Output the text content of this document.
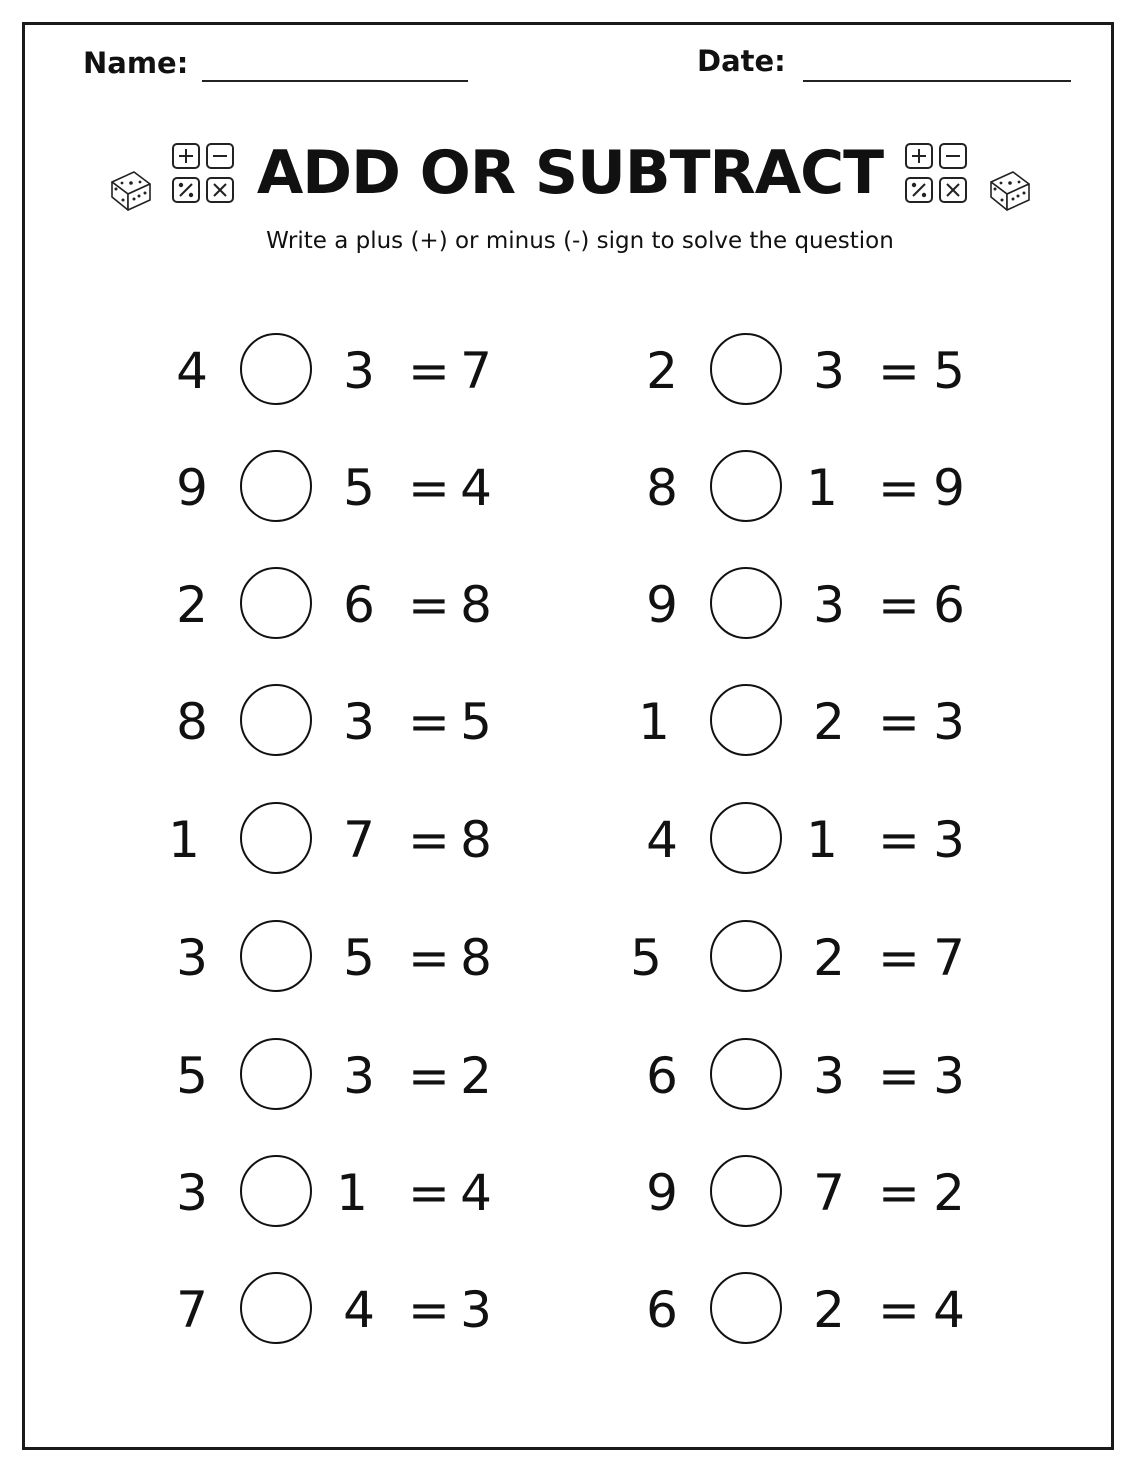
Name:	Date:
ADD OR SUBTRACT
Write a plus (+) or minus (-) sign to solve the question
4	3 = 7
9	5 = 4
2	6 = 8
8	3 = 5
1	7 = 8
3	5 = 8
5	3 = 2
3	1 = 4
7	4 = 3
2	3 = 5
8	1 = 9
9	3 = 6
1	2 = 3
4	1 = 3
5	2 = 7
6	3 = 3
9	7 = 2
6	2 = 4
